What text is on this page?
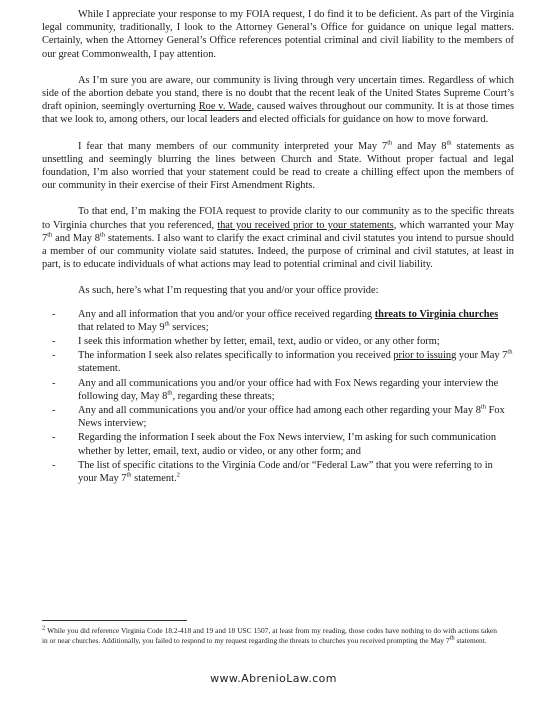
While I appreciate your response to my FOIA request, I do find it to be deficient. As part of the Virginia legal community, traditionally, I look to the Attorney General’s Office for guidance on unique legal matters. Certainly, when the Attorney General’s Office references potential criminal and civil liability to the members of our great Commonwealth, I pay attention.

As I’m sure you are aware, our community is living through very uncertain times. Regardless of which side of the abortion debate you stand, there is no doubt that the recent leak of the United States Supreme Court’s draft opinion, seemingly overturning Roe v. Wade, caused waives throughout our community. It is at those times that we look to, among others, our local leaders and elected officials for guidance on how to move forward.

I fear that many members of our community interpreted your May 7th and May 8th statements as unsettling and seemingly blurring the lines between Church and State. Without proper factual and legal foundation, I’m also worried that your statement could be read to create a chilling effect upon the members of our community in their exercise of their First Amendment Rights.

To that end, I’m making the FOIA request to provide clarity to our community as to the specific threats to Virginia churches that you referenced, that you received prior to your statements, which warranted your May 7th and May 8th statements. I also want to clarify the exact criminal and civil statutes you intend to pursue should a member of our community violate said statutes. Indeed, the purpose of criminal and civil statutes, at least in part, is to educate individuals of what actions may lead to potential criminal and civil liability.

As such, here’s what I’m requesting that you and/or your office provide:

- Any and all information that you and/or your office received regarding threats to Virginia churches that related to May 9th services;
- I seek this information whether by letter, email, text, audio or video, or any other form;
- The information I seek also relates specifically to information you received prior to issuing your May 7th statement.
- Any and all communications you and/or your office had with Fox News regarding your interview the following day, May 8th, regarding these threats;
- Any and all communications you and/or your office had among each other regarding your May 8th Fox News interview;
- Regarding the information I seek about the Fox News interview, I’m asking for such communication whether by letter, email, text, audio or video, or any other form; and
- The list of specific citations to the Virginia Code and/or “Federal Law” that you were referring to in your May 7th statement.$^2$

$^2$ While you did reference Virginia Code 18.2-418 and 19 and 18 USC 1507, at least from my reading, those codes have nothing to do with actions taken in or near churches. Additionally, you failed to respond to my request regarding the threats to churches you received prompting the May 7th statement.

www.AbrenioLaw.com
